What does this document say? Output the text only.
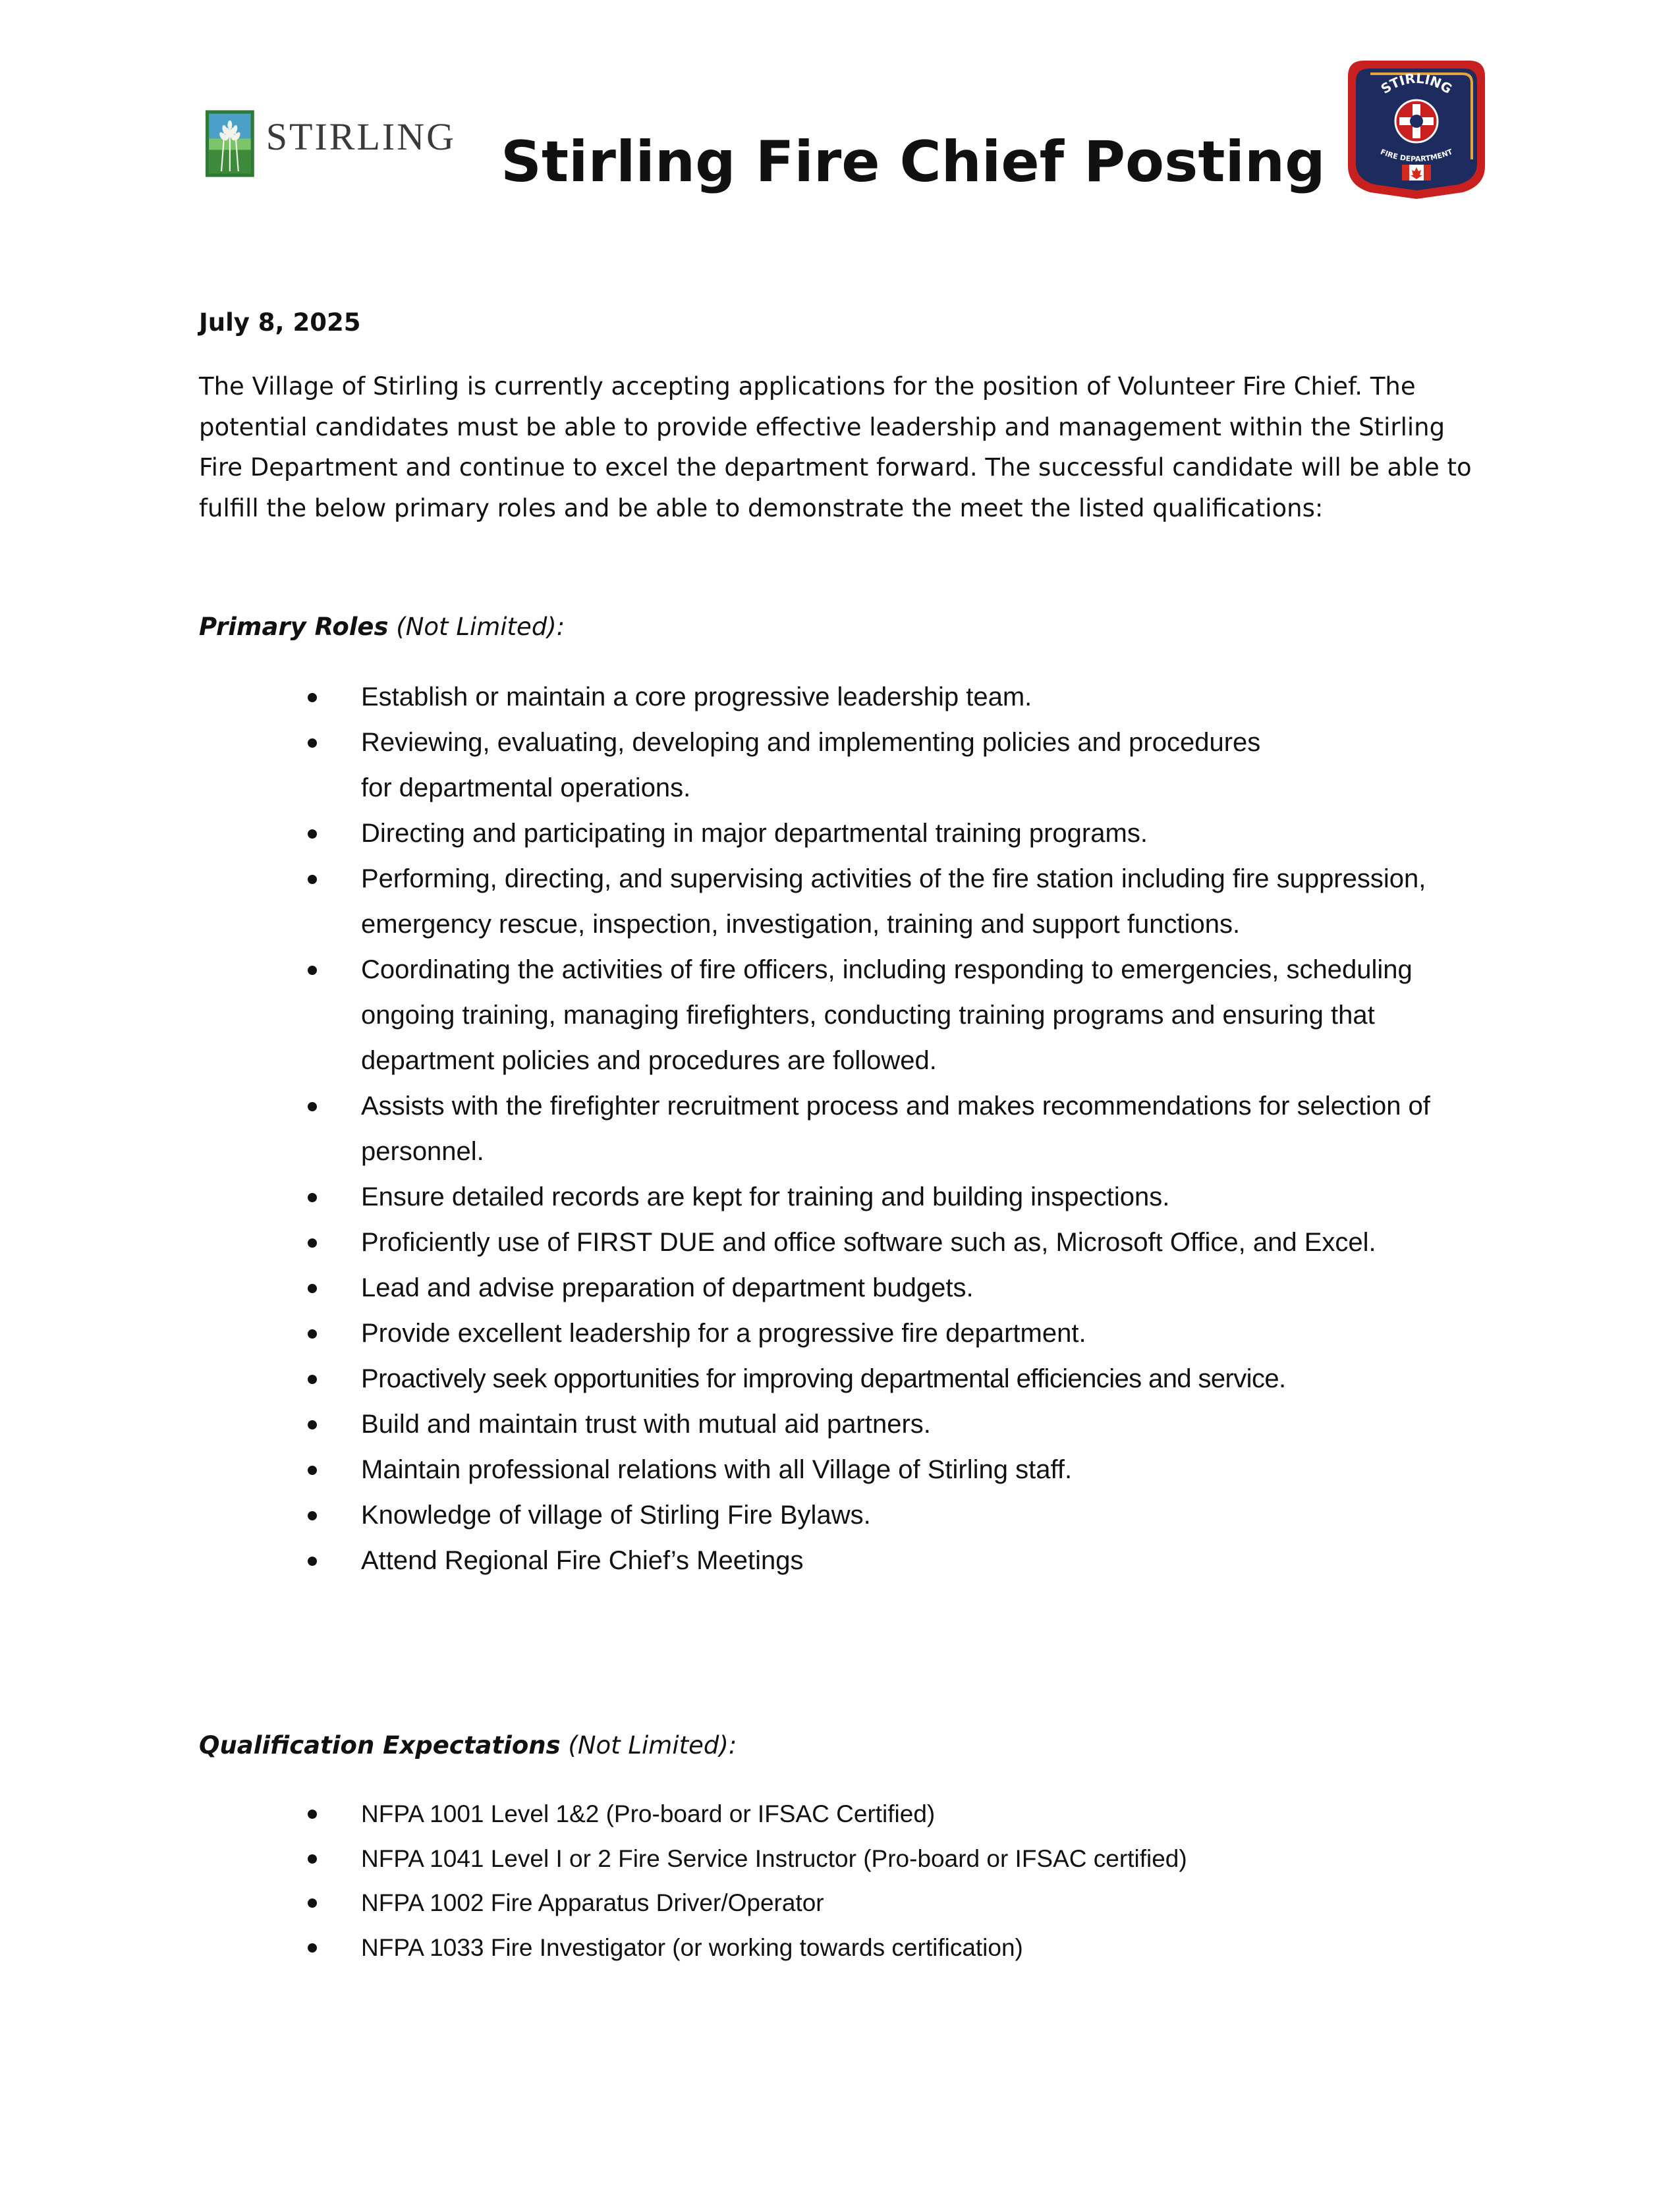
STIRLING Stirling Fire Chief Posting
STIRLING
FIRE DEPARTMENT
July 8, 2025
The Village of Stirling is currently accepting applications for the position of Volunteer Fire Chief. The potential candidates must be able to provide effective leadership and management within the Stirling Fire Department and continue to excel the department forward. The successful candidate will be able to fulfill the below primary roles and be able to demonstrate the meet the listed qualifications:
Primary Roles (Not Limited):
Establish or maintain a core progressive leadership team.
Reviewing, evaluating, developing and implementing policies and procedures for departmental operations.
Directing and participating in major departmental training programs.
Performing, directing, and supervising activities of the fire station including fire suppression, emergency rescue, inspection, investigation, training and support functions.
Coordinating the activities of fire officers, including responding to emergencies, scheduling ongoing training, managing firefighters, conducting training programs and ensuring that department policies and procedures are followed.
Assists with the firefighter recruitment process and makes recommendations for selection of personnel.
Ensure detailed records are kept for training and building inspections.
Proficiently use of FIRST DUE and office software such as, Microsoft Office, and Excel.
Lead and advise preparation of department budgets.
Provide excellent leadership for a progressive fire department.
Proactively seek opportunities for improving departmental efficiencies and service.
Build and maintain trust with mutual aid partners.
Maintain professional relations with all Village of Stirling staff.
Knowledge of village of Stirling Fire Bylaws.
Attend Regional Fire Chief’s Meetings
Qualification Expectations (Not Limited):
NFPA 1001 Level 1&2 (Pro-board or IFSAC Certified)
NFPA 1041 Level I or 2 Fire Service Instructor (Pro-board or IFSAC certified)
NFPA 1002 Fire Apparatus Driver/Operator
NFPA 1033 Fire Investigator (or working towards certification)
